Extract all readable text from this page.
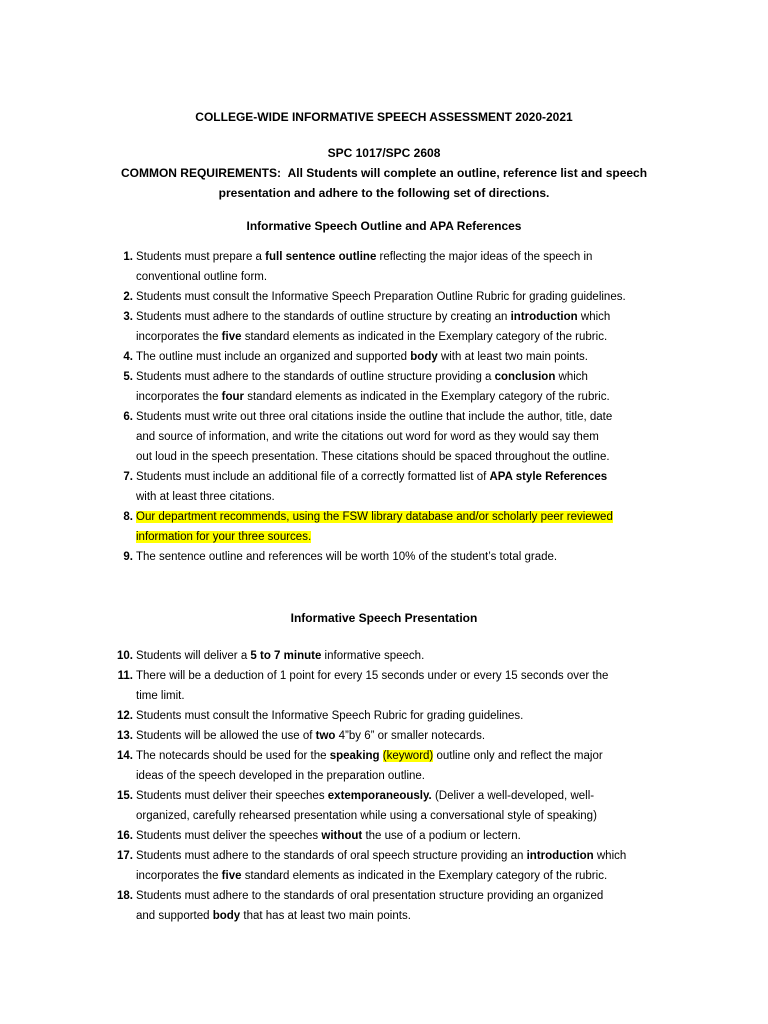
COLLEGE-WIDE INFORMATIVE SPEECH ASSESSMENT 2020-2021
SPC 1017/SPC 2608
COMMON REQUIREMENTS: All Students will complete an outline, reference list and speech
presentation and adhere to the following set of directions.
Informative Speech Outline and APA References
1. Students must prepare a full sentence outline reflecting the major ideas of the speech in
conventional outline form.
2. Students must consult the Informative Speech Preparation Outline Rubric for grading guidelines.
3. Students must adhere to the standards of outline structure by creating an introduction which
incorporates the five standard elements as indicated in the Exemplary category of the rubric.
4. The outline must include an organized and supported body with at least two main points.
5. Students must adhere to the standards of outline structure providing a conclusion which
incorporates the four standard elements as indicated in the Exemplary category of the rubric.
6. Students must write out three oral citations inside the outline that include the author, title, date
and source of information, and write the citations out word for word as they would say them
out loud in the speech presentation. These citations should be spaced throughout the outline.
7. Students must include an additional file of a correctly formatted list of APA style References
with at least three citations.
8. Our department recommends, using the FSW library database and/or scholarly peer reviewed
information for your three sources.
9. The sentence outline and references will be worth 10% of the student’s total grade.
Informative Speech Presentation
10. Students will deliver a 5 to 7 minute informative speech.
11. There will be a deduction of 1 point for every 15 seconds under or every 15 seconds over the
time limit.
12. Students must consult the Informative Speech Rubric for grading guidelines.
13. Students will be allowed the use of two 4”by 6” or smaller notecards.
14. The notecards should be used for the speaking (keyword) outline only and reflect the major
ideas of the speech developed in the preparation outline.
15. Students must deliver their speeches extemporaneously. (Deliver a well-developed, well-
organized, carefully rehearsed presentation while using a conversational style of speaking)
16. Students must deliver the speeches without the use of a podium or lectern.
17. Students must adhere to the standards of oral speech structure providing an introduction which
incorporates the five standard elements as indicated in the Exemplary category of the rubric.
18. Students must adhere to the standards of oral presentation structure providing an organized
and supported body that has at least two main points.
